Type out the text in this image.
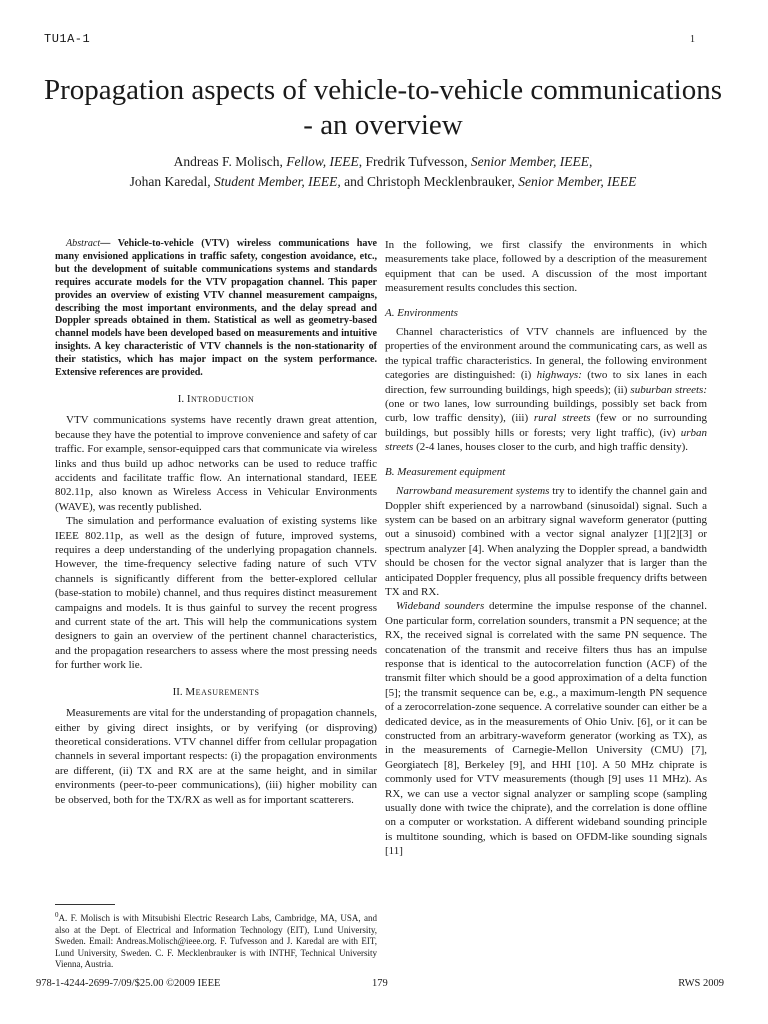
TU1A-1	1
Propagation aspects of vehicle-to-vehicle communications - an overview
Andreas F. Molisch, Fellow, IEEE, Fredrik Tufvesson, Senior Member, IEEE,
Johan Karedal, Student Member, IEEE, and Christoph Mecklenbrauker, Senior Member, IEEE

Abstract— Vehicle-to-vehicle (VTV) wireless communications have many envisioned applications in traffic safety, congestion avoidance, etc., but the development of suitable communications systems and standards requires accurate models for the VTV propagation channel. This paper provides an overview of existing VTV channel measurement campaigns, describing the most important environments, and the delay spread and Doppler spreads obtained in them. Statistical as well as geometry-based channel models have been developed based on measurements and intuitive insights. A key characteristic of VTV channels is the non-stationarity of their statistics, which has major impact on the system performance. Extensive references are provided.

I. Introduction

VTV communications systems have recently drawn great attention, because they have the potential to improve convenience and safety of car traffic. For example, sensor-equipped cars that communicate via wireless links and thus build up adhoc networks can be used to reduce traffic accidents and facilitate traffic flow. An international standard, IEEE 802.11p, also known as Wireless Access in Vehicular Environments (WAVE), was recently published.

The simulation and performance evaluation of existing systems like IEEE 802.11p, as well as the design of future, improved systems, requires a deep understanding of the underlying propagation channels. However, the time-frequency selective fading nature of such VTV channels is significantly different from the better-explored cellular (base-station to mobile) channel, and thus requires distinct measurement campaigns and models. It is thus gainful to survey the recent progress and current state of the art. This will help the communications system designers to gain an overview of the pertinent channel characteristics, and the propagation researchers to assess where the most pressing needs for further work lie.

II. Measurements

Measurements are vital for the understanding of propagation channels, either by giving direct insights, or by verifying (or disproving) theoretical considerations. VTV channel differ from cellular propagation channels in several important respects: (i) the propagation environments are different, (ii) TX and RX are at the same height, and in similar environments (peer-to-peer communications), (iii) higher mobility can be observed, both for the TX/RX as well as for important scatterers.

$^0$A. F. Molisch is with Mitsubishi Electric Research Labs, Cambridge, MA, USA, and also at the Dept. of Electrical and Information Technology (EIT), Lund University, Sweden. Email: Andreas.Molisch@ieee.org. F. Tufvesson and J. Karedal are with EIT, Lund University, Sweden. C. F. Mecklenbrauker is with INTHF, Technical University Vienna, Austria.

In the following, we first classify the environments in which measurements take place, followed by a description of the measurement equipment that can be used. A discussion of the most important measurement results concludes this section.

A. Environments

Channel characteristics of VTV channels are influenced by the properties of the environment around the communicating cars, as well as the typical traffic characteristics. In general, the following environment categories are distinguished: (i) highways: (two to six lanes in each direction, few surrounding buildings, high speeds); (ii) suburban streets: (one or two lanes, low surrounding buildings, possibly set back from curb, low traffic density), (iii) rural streets (few or no surrounding buildings, but possibly hills or forests; very light traffic), (iv) urban streets (2-4 lanes, houses closer to the curb, and high traffic density).

B. Measurement equipment

Narrowband measurement systems try to identify the channel gain and Doppler shift experienced by a narrowband (sinusoidal) signal. Such a system can be based on an arbitrary signal waveform generator (putting out a sinusoid) combined with a vector signal analyzer [1][2][3] or spectrum analyzer [4]. When analyzing the Doppler spread, a bandwidth should be chosen for the vector signal analyzer that is larger than the anticipated Doppler frequency, plus all possible frequency drifts between TX and RX.

Wideband sounders determine the impulse response of the channel. One particular form, correlation sounders, transmit a PN sequence; at the RX, the received signal is correlated with the same PN sequence. The concatenation of the transmit and receive filters thus has an impulse response that is identical to the autocorrelation function (ACF) of the transmit filter which should be a good approximation of a delta function [5]; the transmit sequence can be, e.g., a maximum-length PN sequence of a zerocorrelation-zone sequence. A correlative sounder can either be a dedicated device, as in the measurements of Ohio Univ. [6], or it can be constructed from an arbitrary-waveform generator (working as TX), as in the measurements of Carnegie-Mellon University (CMU) [7], Georgiatech [8], Berkeley [9], and HHI [10]. A 50 MHz chiprate is commonly used for VTV measurements (though [9] uses 11 MHz). As RX, we can use a vector signal analyzer or sampling scope (sampling usually done with twice the chiprate), and the correlation is done offline on a computer or workstation. A different wideband sounding principle is multitone sounding, which is based on OFDM-like sounding signals [11]

978-1-4244-2699-7/09/$25.00 ©2009 IEEE	179	RWS 2009
